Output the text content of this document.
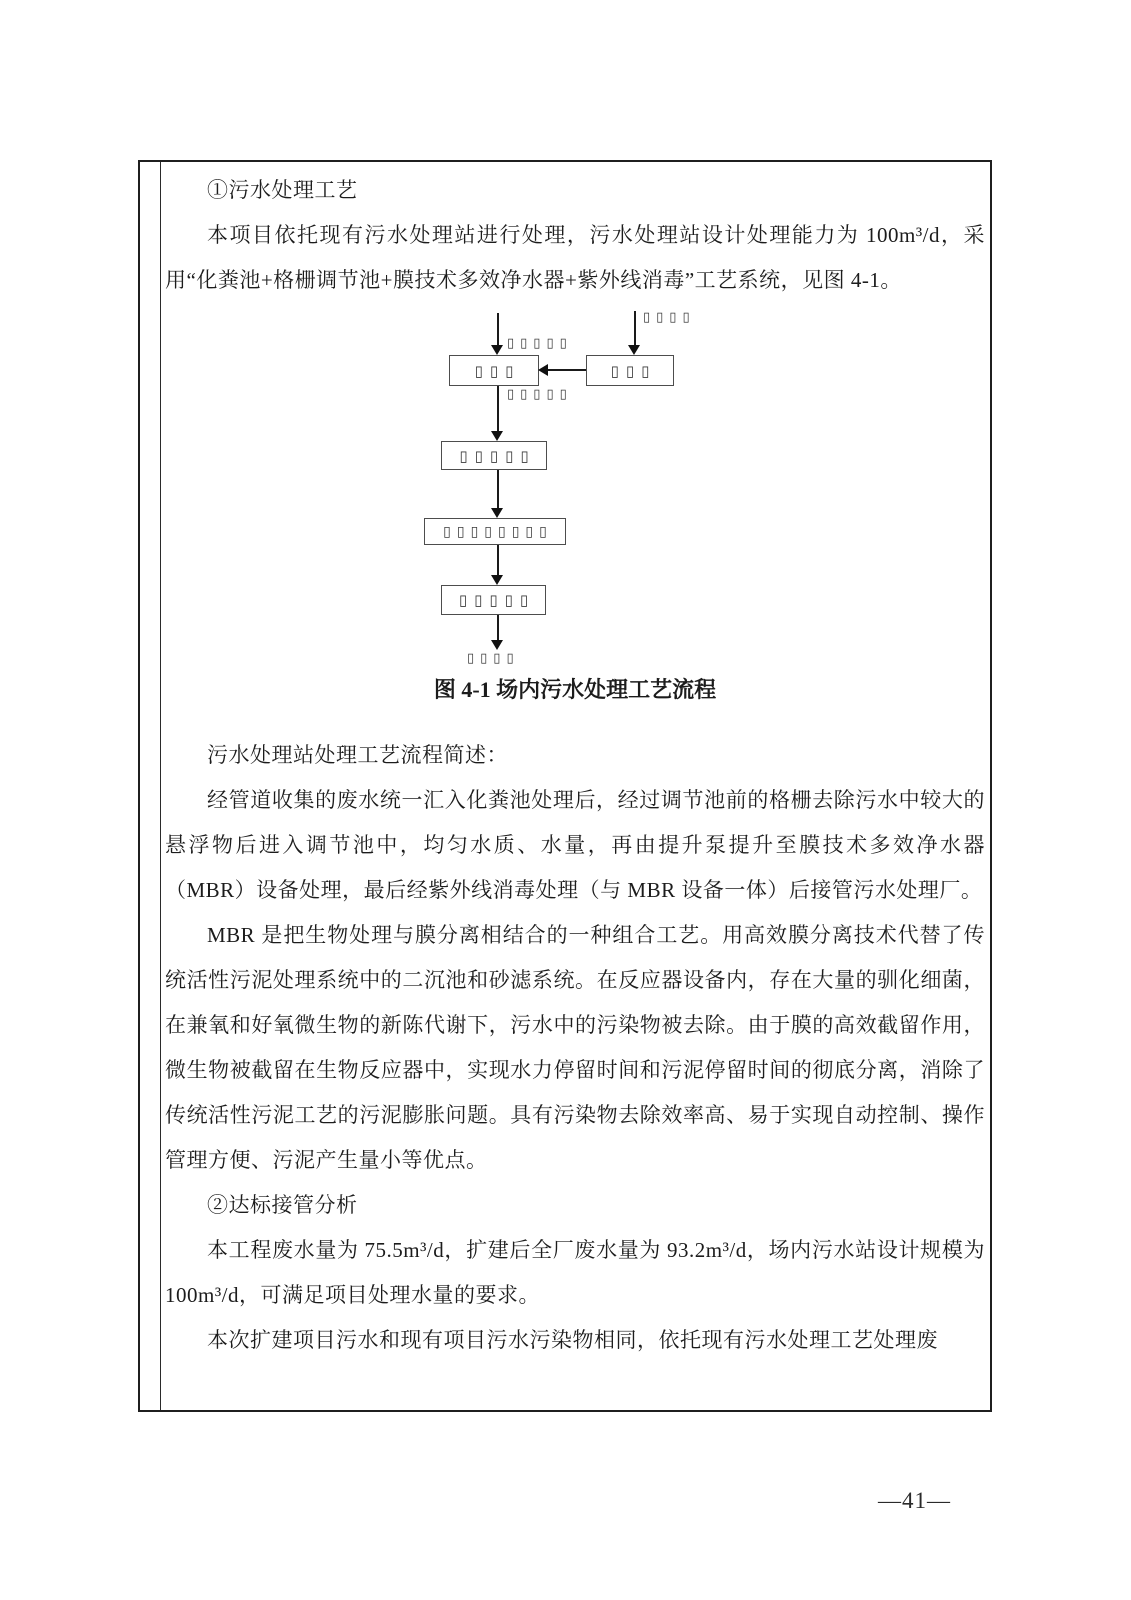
①污水处理工艺

本项目依托现有污水处理站进行处理，污水处理站设计处理能力为 100m³/d，采用“化粪池+格栅调节池+膜技术多效净水器+紫外线消毒”工艺系统，见图 4-1。

▯▯▯▯▯

▯▯▯▯▯

▯▯▯▯
▯▯▯	▯▯▯
▯▯▯▯▯
▯▯▯▯▯▯▯▯
▯▯▯▯▯
▯▯▯▯

图 4-1 场内污水处理工艺流程

污水处理站处理工艺流程简述：

经管道收集的废水统一汇入化粪池处理后，经过调节池前的格栅去除污水中较大的悬浮物后进入调节池中，均匀水质、水量，再由提升泵提升至膜技术多效净水器（MBR）设备处理，最后经紫外线消毒处理（与 MBR 设备一体）后接管污水处理厂。

MBR 是把生物处理与膜分离相结合的一种组合工艺。用高效膜分离技术代替了传统活性污泥处理系统中的二沉池和砂滤系统。在反应器设备内，存在大量的驯化细菌，在兼氧和好氧微生物的新陈代谢下，污水中的污染物被去除。由于膜的高效截留作用，微生物被截留在生物反应器中，实现水力停留时间和污泥停留时间的彻底分离，消除了传统活性污泥工艺的污泥膨胀问题。具有污染物去除效率高、易于实现自动控制、操作管理方便、污泥产生量小等优点。

②达标接管分析

本工程废水量为 75.5m³/d，扩建后全厂废水量为 93.2m³/d，场内污水站设计规模为 100m³/d，可满足项目处理水量的要求。

本次扩建项目污水和现有项目污水污染物相同，依托现有污水处理工艺处理废

—41—
